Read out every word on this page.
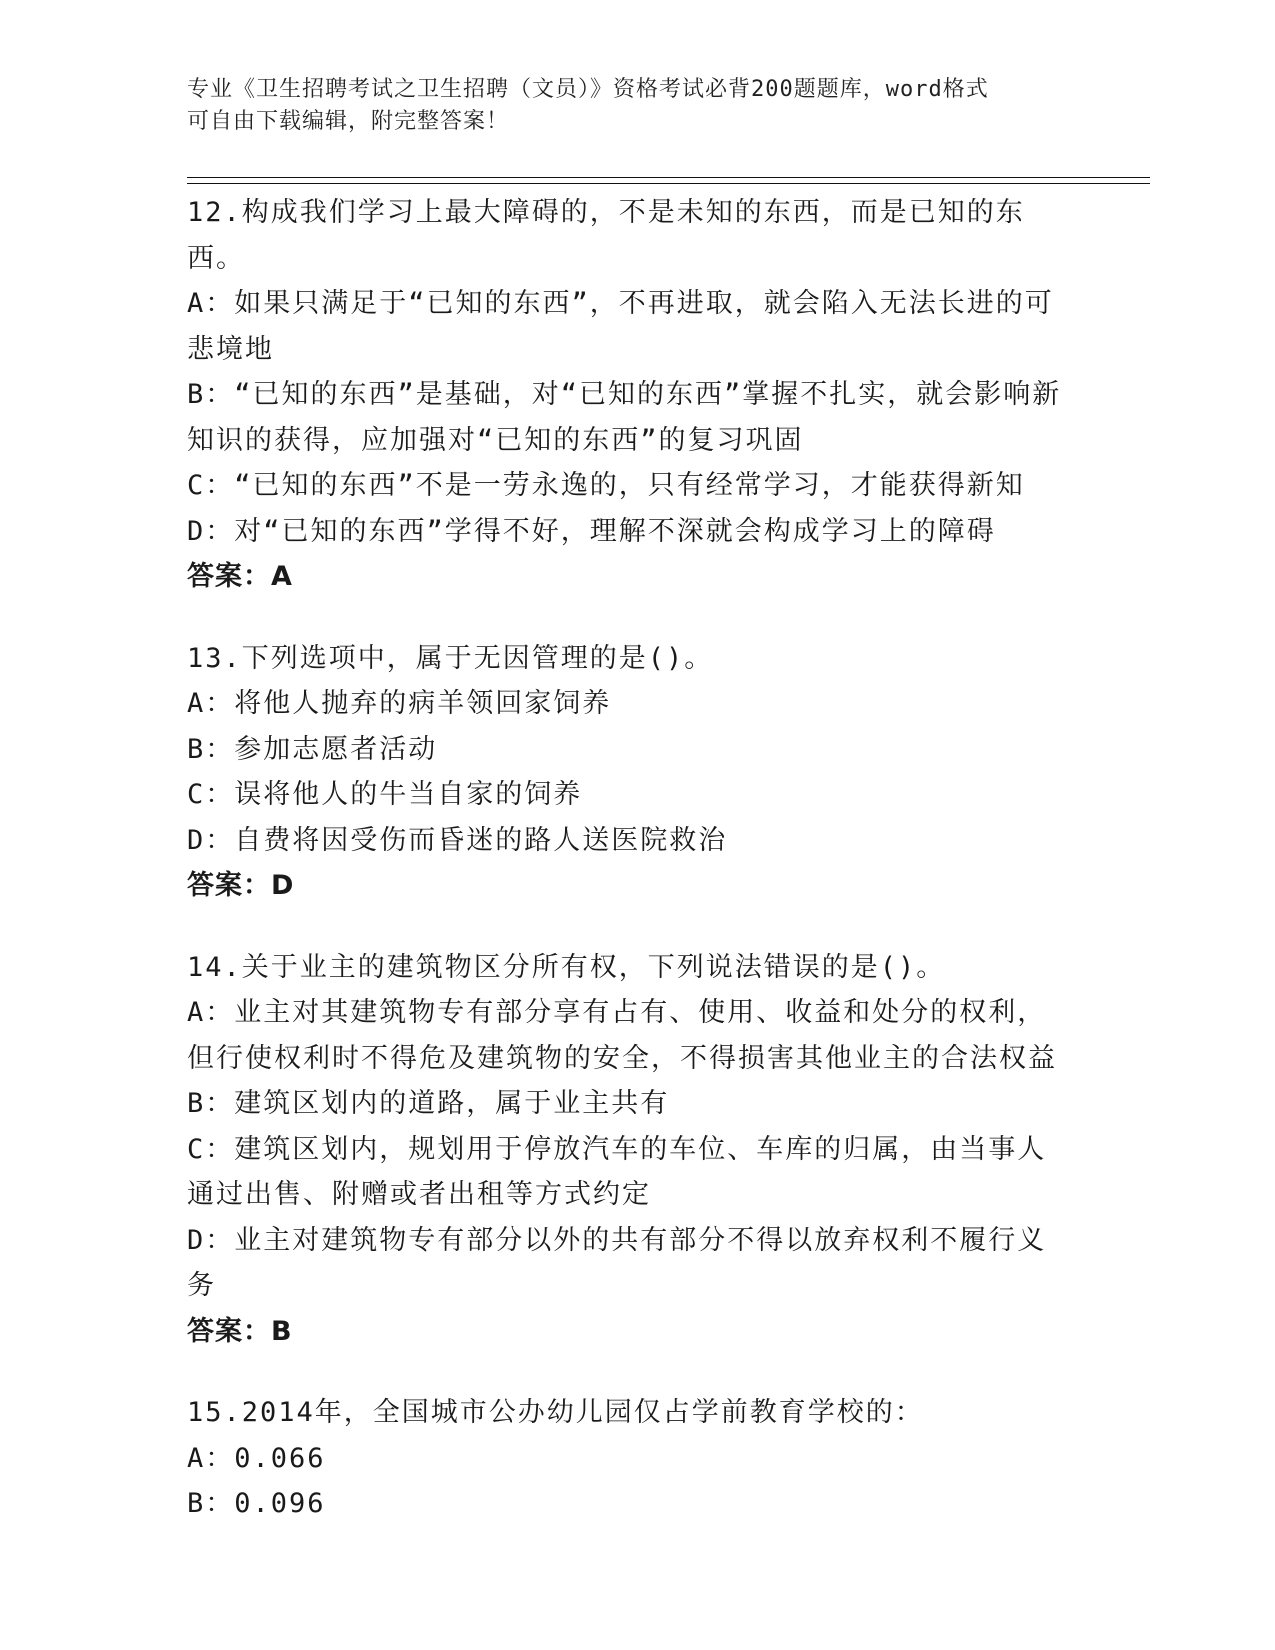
专业《卫生招聘考试之卫生招聘（文员）》资格考试必背200题题库，word格式
可自由下载编辑，附完整答案！
12.构成我们学习上最大障碍的，不是未知的东西，而是已知的东西。
A：如果只满足于“已知的东西”，不再进取，就会陷入无法长进的可悲境地
B：“已知的东西”是基础，对“已知的东西”掌握不扎实，就会影响新知识的获得，应加强对“已知的东西”的复习巩固
C：“已知的东西”不是一劳永逸的，只有经常学习，才能获得新知
D：对“已知的东西”学得不好，理解不深就会构成学习上的障碍
答案：A
13.下列选项中，属于无因管理的是()。
A：将他人抛弃的病羊领回家饲养
B：参加志愿者活动
C：误将他人的牛当自家的饲养
D：自费将因受伤而昏迷的路人送医院救治
答案：D
14.关于业主的建筑物区分所有权，下列说法错误的是()。
A：业主对其建筑物专有部分享有占有、使用、收益和处分的权利，但行使权利时不得危及建筑物的安全，不得损害其他业主的合法权益
B：建筑区划内的道路，属于业主共有
C：建筑区划内，规划用于停放汽车的车位、车库的归属，由当事人通过出售、附赠或者出租等方式约定
D：业主对建筑物专有部分以外的共有部分不得以放弃权利不履行义务
答案：B
15.2014年，全国城市公办幼儿园仅占学前教育学校的：
A：0.066
B：0.096
